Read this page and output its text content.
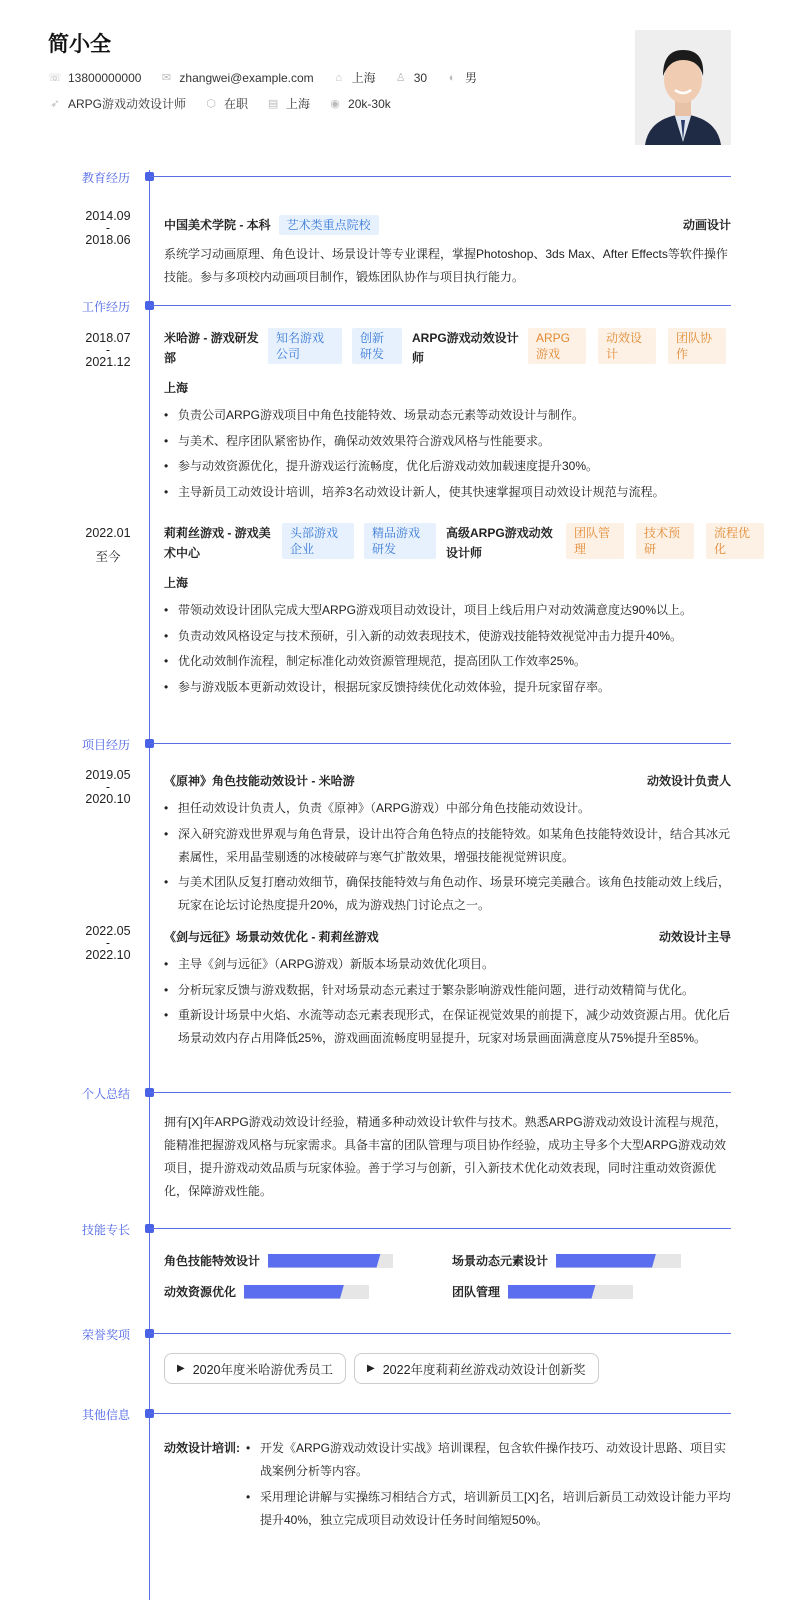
简小全
☏ 13800000000 ✉ zhangwei@example.com	⌂ 上海 ♙ 30	◐ 男
➶ ARPG游戏动效设计师 ⬡ 在职 ▤ 上海 ◉ 20k-30k
教育经历
2014.09
-
2018.06
中国美术学院 - 本科	艺术类重点院校	动画设计
系统学习动画原理、角色设计、场景设计等专业课程，掌握Photoshop、3ds Max、After Effects等软件操作技能。参与多项校内动画项目制作，锻炼团队协作与项目执行能力。
工作经历
2018.07
-
2021.12
米哈游 - 游戏研发部
知名游戏公司
创新研发
ARPG游戏动效设计师
ARPG游戏
动效设计
团队协作
上海
• 负责公司ARPG游戏项目中角色技能特效、场景动态元素等动效设计与制作。
• 与美术、程序团队紧密协作，确保动效效果符合游戏风格与性能要求。
• 参与动效资源优化，提升游戏运行流畅度，优化后游戏动效加载速度提升30%。
• 主导新员工动效设计培训，培养3名动效设计新人，使其快速掌握项目动效设计规范与流程。
2022.01
至今
莉莉丝游戏 - 游戏美术中心
头部游戏企业
精品游戏研发
高级ARPG游戏动效设计师
团队管理
技术预研
流程优化
上海
• 带领动效设计团队完成大型ARPG游戏项目动效设计，项目上线后用户对动效满意度达90%以上。
• 负责动效风格设定与技术预研，引入新的动效表现技术，使游戏技能特效视觉冲击力提升40%。
• 优化动效制作流程，制定标准化动效资源管理规范，提高团队工作效率25%。
• 参与游戏版本更新动效设计，根据玩家反馈持续优化动效体验，提升玩家留存率。
项目经历
2019.05
-
2020.10
《原神》角色技能动效设计 - 米哈游	动效设计负责人
• 担任动效设计负责人，负责《原神》（ARPG游戏）中部分角色技能动效设计。
• 深入研究游戏世界观与角色背景，设计出符合角色特点的技能特效。如某角色技能特效设计，结合其冰元素属性，采用晶莹剔透的冰棱破碎与寒气扩散效果，增强技能视觉辨识度。
• 与美术团队反复打磨动效细节，确保技能特效与角色动作、场景环境完美融合。该角色技能动效上线后，玩家在论坛讨论热度提升20%，成为游戏热门讨论点之一。
2022.05
-
2022.10
《剑与远征》场景动效优化 - 莉莉丝游戏	动效设计主导
• 主导《剑与远征》（ARPG游戏）新版本场景动效优化项目。
• 分析玩家反馈与游戏数据，针对场景动态元素过于繁杂影响游戏性能问题，进行动效精简与优化。
• 重新设计场景中火焰、水流等动态元素表现形式，在保证视觉效果的前提下，减少动效资源占用。优化后场景动效内存占用降低25%，游戏画面流畅度明显提升，玩家对场景画面满意度从75%提升至85%。
个人总结
拥有[X]年ARPG游戏动效设计经验，精通多种动效设计软件与技术。熟悉ARPG游戏动效设计流程与规范，能精准把握游戏风格与玩家需求。具备丰富的团队管理与项目协作经验，成功主导多个大型ARPG游戏动效项目，提升游戏动效品质与玩家体验。善于学习与创新，引入新技术优化动效表现，同时注重动效资源优化，保障游戏性能。
技能专长
角色技能特效设计	场景动态元素设计
动效资源优化	团队管理
荣誉奖项
▶ 2020年度米哈游优秀员工	▶ 2022年度莉莉丝游戏动效设计创新奖
其他信息
动效设计培训:	• 开发《ARPG游戏动效设计实战》培训课程，包含软件操作技巧、动效设计思路、项目实战案例分析等内容。
• 采用理论讲解与实操练习相结合方式，培训新员工[X]名，培训后新员工动效设计能力平均提升40%，独立完成项目动效设计任务时间缩短50%。
